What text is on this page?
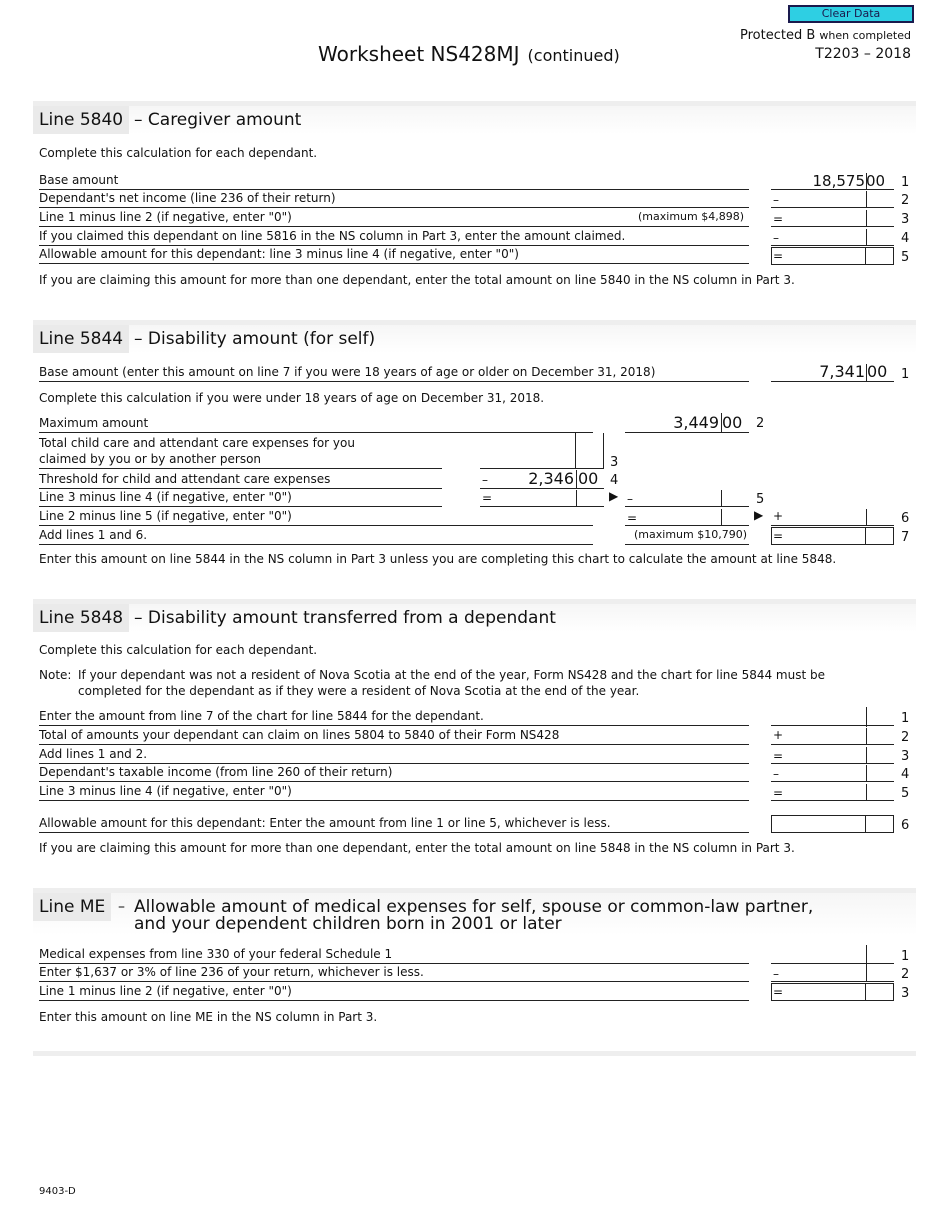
Clear Data
Worksheet NS428MJ (continued)
Protected B when completed
T2203 – 2018
Line 5840 – Caregiver amount
Complete this calculation for each dependant.
Base amount	18,575 00 1
Dependant's net income (line 236 of their return)	–	2
Line 1 minus line 2 (if negative, enter "0")	(maximum $4,898) =	3
If you claimed this dependant on line 5816 in the NS column in Part 3, enter the amount claimed.	–	4
Allowable amount for this dependant: line 3 minus line 4 (if negative, enter "0")	=	5
If you are claiming this amount for more than one dependant, enter the total amount on line 5840 in the NS column in Part 3.
Line 5844 – Disability amount (for self)
Base amount (enter this amount on line 7 if you were 18 years of age or older on December 31, 2018)	7,341 00 1
Complete this calculation if you were under 18 years of age on December 31, 2018.
Maximum amount	3,449 00 2
Total child care and attendant care expenses for you
claimed by you or by another person	3
Threshold for child and attendant care expenses	–	2,346 00 4
Line 3 minus line 4 (if negative, enter "0")	=	▶ –	5
Line 2 minus line 5 (if negative, enter "0")	=	▶ +	6
Add lines 1 and 6.	(maximum $10,790) =	7
Enter this amount on line 5844 in the NS column in Part 3 unless you are completing this chart to calculate the amount at line 5848.
Line 5848 – Disability amount transferred from a dependant
Complete this calculation for each dependant.
Note: If your dependant was not a resident of Nova Scotia at the end of the year, Form NS428 and the chart for line 5844 must be
completed for the dependant as if they were a resident of Nova Scotia at the end of the year.
Enter the amount from line 7 of the chart for line 5844 for the dependant.	1
Total of amounts your dependant can claim on lines 5804 to 5840 of their Form NS428	+	2
Add lines 1 and 2.	=	3
Dependant's taxable income (from line 260 of their return)	–	4
Line 3 minus line 4 (if negative, enter "0")	=	5
Allowable amount for this dependant: Enter the amount from line 1 or line 5, whichever is less.	6
If you are claiming this amount for more than one dependant, enter the total amount on line 5848 in the NS column in Part 3.
Line ME – Allowable amount of medical expenses for self, spouse or common-law partner,
and your dependent children born in 2001 or later
Medical expenses from line 330 of your federal Schedule 1	1
Enter $1,637 or 3% of line 236 of your return, whichever is less.	–	2
Line 1 minus line 2 (if negative, enter "0")	=	3
Enter this amount on line ME in the NS column in Part 3.
9403-D
